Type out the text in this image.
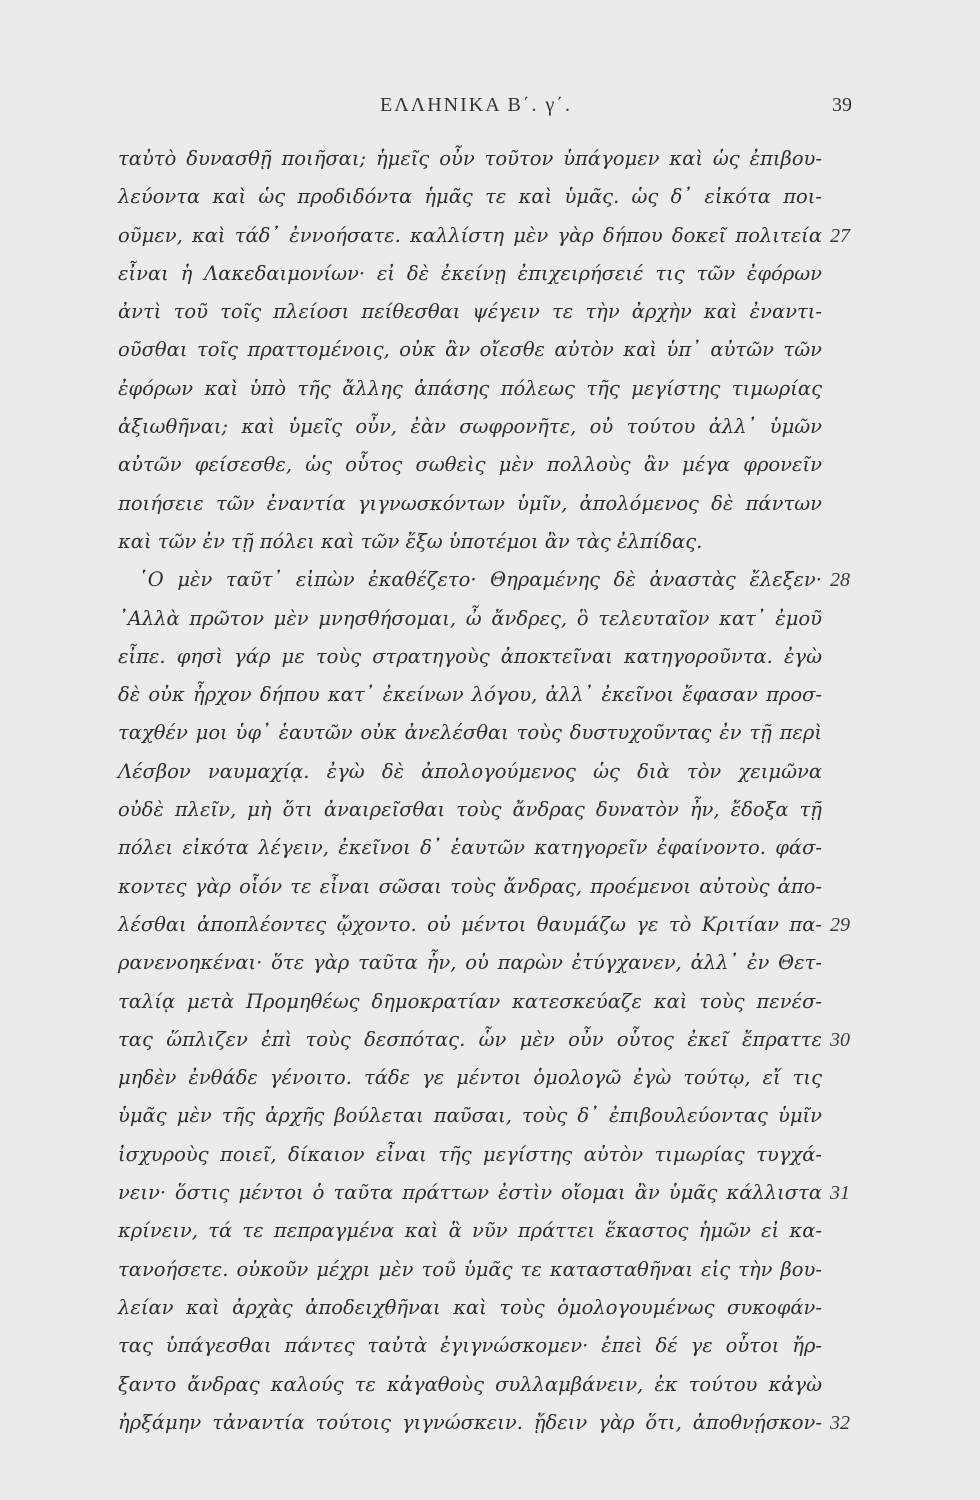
ΕΛΛΗΝΙΚΑ Β΄. γ΄.	39
ταὐτὸ δυνασθῇ ποιῆσαι; ἡμεῖς οὖν τοῦτον ὑπάγομεν καὶ ὡς ἐπιβου-
λεύοντα καὶ ὡς προδιδόντα ἡμᾶς τε καὶ ὑμᾶς. ὡς δ᾽ εἰκότα ποι-
οῦμεν, καὶ τάδ᾽ ἐννοήσατε. καλλίστη μὲν γὰρ δήπου δοκεῖ πολιτεία 27
εἶναι ἡ Λακεδαιμονίων· εἰ δὲ ἐκείνῃ ἐπιχειρήσειέ τις τῶν ἐφόρων
ἀντὶ τοῦ τοῖς πλείοσι πείθεσθαι ψέγειν τε τὴν ἀρχὴν καὶ ἐναντι-
οῦσθαι τοῖς πραττομένοις, οὐκ ἂν οἴεσθε αὐτὸν καὶ ὑπ᾽ αὐτῶν τῶν
ἐφόρων καὶ ὑπὸ τῆς ἄλλης ἁπάσης πόλεως τῆς μεγίστης τιμωρίας
ἀξιωθῆναι; καὶ ὑμεῖς οὖν, ἐὰν σωφρονῆτε, οὐ τούτου ἀλλ᾽ ὑμῶν
αὐτῶν φείσεσθε, ὡς οὗτος σωθεὶς μὲν πολλοὺς ἂν μέγα φρονεῖν
ποιήσειε τῶν ἐναντία γιγνωσκόντων ὑμῖν, ἀπολόμενος δὲ πάντων
καὶ τῶν ἐν τῇ πόλει καὶ τῶν ἔξω ὑποτέμοι ἂν τὰς ἐλπίδας.
῾Ο μὲν ταῦτ᾽ εἰπὼν ἐκαθέζετο· Θηραμένης δὲ ἀναστὰς ἔλεξεν· 28
᾽Αλλὰ πρῶτον μὲν μνησθήσομαι, ὦ ἄνδρες, ὃ τελευταῖον κατ᾽ ἐμοῦ
εἶπε. φησὶ γάρ με τοὺς στρατηγοὺς ἀποκτεῖναι κατηγοροῦντα. ἐγὼ
δὲ οὐκ ἦρχον δήπου κατ᾽ ἐκείνων λόγου, ἀλλ᾽ ἐκεῖνοι ἔφασαν προσ-
ταχθέν μοι ὑφ᾽ ἑαυτῶν οὐκ ἀνελέσθαι τοὺς δυστυχοῦντας ἐν τῇ περὶ
Λέσβον ναυμαχίᾳ. ἐγὼ δὲ ἀπολογούμενος ὡς διὰ τὸν χειμῶνα
οὐδὲ πλεῖν, μὴ ὅτι ἀναιρεῖσθαι τοὺς ἄνδρας δυνατὸν ἦν, ἔδοξα τῇ
πόλει εἰκότα λέγειν, ἐκεῖνοι δ᾽ ἑαυτῶν κατηγορεῖν ἐφαίνοντο. φάσ-
κοντες γὰρ οἷόν τε εἶναι σῶσαι τοὺς ἄνδρας, προέμενοι αὐτοὺς ἀπο-
λέσθαι ἀποπλέοντες ᾤχοντο. οὐ μέντοι θαυμάζω γε τὸ Κριτίαν πα- 29
ρανενοηκέναι· ὅτε γὰρ ταῦτα ἦν, οὐ παρὼν ἐτύγχανεν, ἀλλ᾽ ἐν Θετ-
ταλίᾳ μετὰ Προμηθέως δημοκρατίαν κατεσκεύαζε καὶ τοὺς πενέσ-
τας ὥπλιζεν ἐπὶ τοὺς δεσπότας. ὧν μὲν οὖν οὗτος ἐκεῖ ἔπραττε 30
μηδὲν ἐνθάδε γένοιτο. τάδε γε μέντοι ὁμολογῶ ἐγὼ τούτῳ, εἴ τις
ὑμᾶς μὲν τῆς ἀρχῆς βούλεται παῦσαι, τοὺς δ᾽ ἐπιβουλεύοντας ὑμῖν
ἰσχυροὺς ποιεῖ, δίκαιον εἶναι τῆς μεγίστης αὐτὸν τιμωρίας τυγχά-
νειν· ὅστις μέντοι ὁ ταῦτα πράττων ἐστὶν οἴομαι ἂν ὑμᾶς κάλλιστα 31
κρίνειν, τά τε πεπραγμένα καὶ ἃ νῦν πράττει ἕκαστος ἡμῶν εἰ κα-
τανοήσετε. οὐκοῦν μέχρι μὲν τοῦ ὑμᾶς τε κατασταθῆναι εἰς τὴν βου-
λείαν καὶ ἀρχὰς ἀποδειχθῆναι καὶ τοὺς ὁμολογουμένως συκοφάν-
τας ὑπάγεσθαι πάντες ταὐτὰ ἐγιγνώσκομεν· ἐπεὶ δέ γε οὗτοι ἤρ-
ξαντο ἄνδρας καλούς τε κἀγαθοὺς συλλαμβάνειν, ἐκ τούτου κἀγὼ
ἠρξάμην τἀναντία τούτοις γιγνώσκειν. ᾔδειν γὰρ ὅτι, ἀποθνῄσκον- 32
